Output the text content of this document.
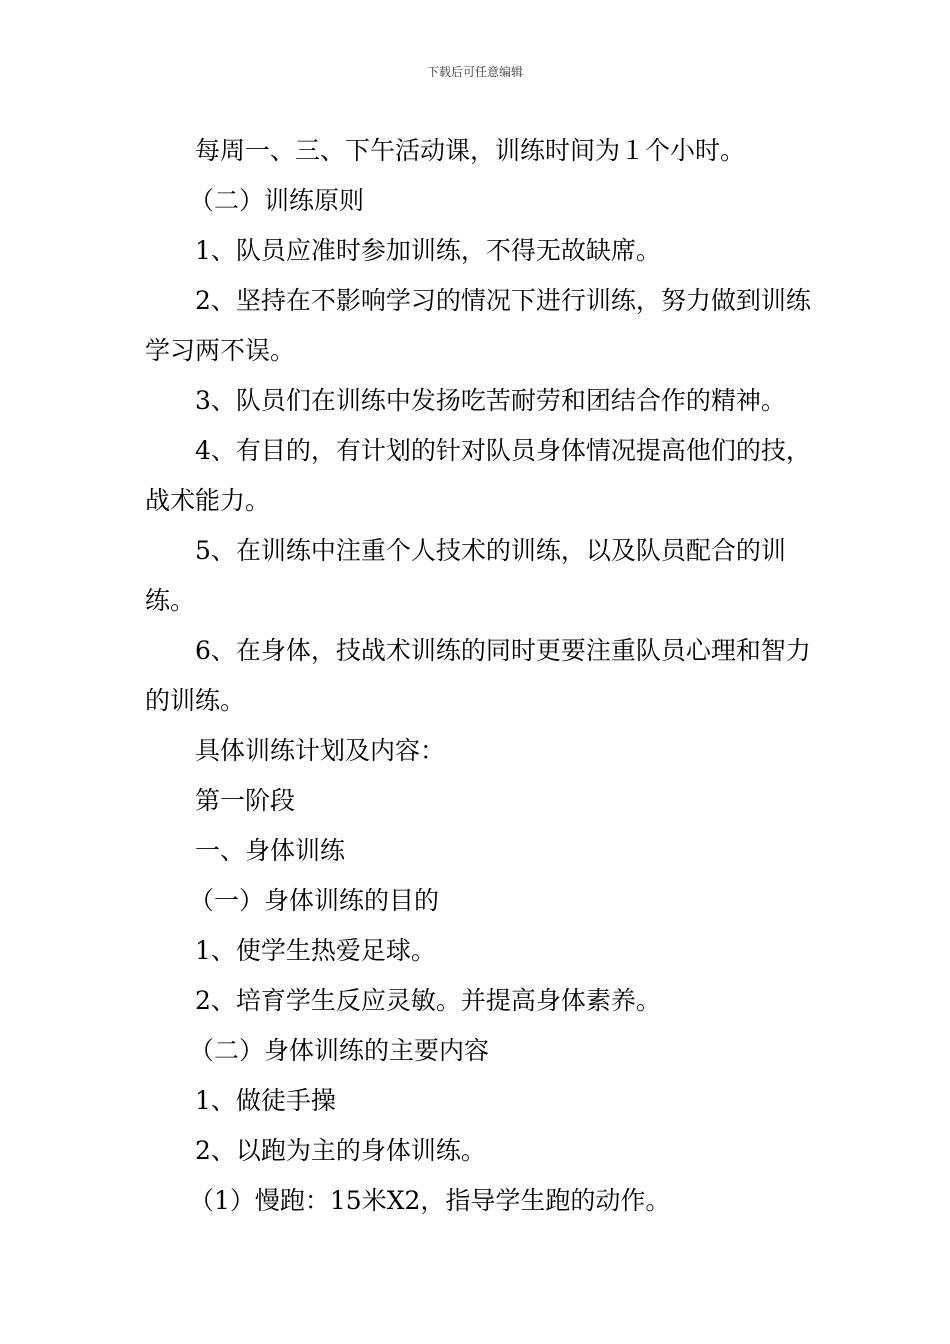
下载后可任意编辑

每周一、三、下午活动课，训练时间为１个小时。

（二）训练原则

1、队员应准时参加训练，不得无故缺席。

2、坚持在不影响学习的情况下进行训练，努力做到训练学习两不误。

3、队员们在训练中发扬吃苦耐劳和团结合作的精神。

4、有目的，有计划的针对队员身体情况提高他们的技，战术能力。

5、在训练中注重个人技术的训练，以及队员配合的训练。

6、在身体，技战术训练的同时更要注重队员心理和智力的训练。

具体训练计划及内容：

第一阶段

一、身体训练

（一）身体训练的目的

1、使学生热爱足球。

2、培育学生反应灵敏。并提高身体素养。

（二）身体训练的主要内容

1、做徒手操

2、以跑为主的身体训练。

（1）慢跑：15米X2，指导学生跑的动作。
